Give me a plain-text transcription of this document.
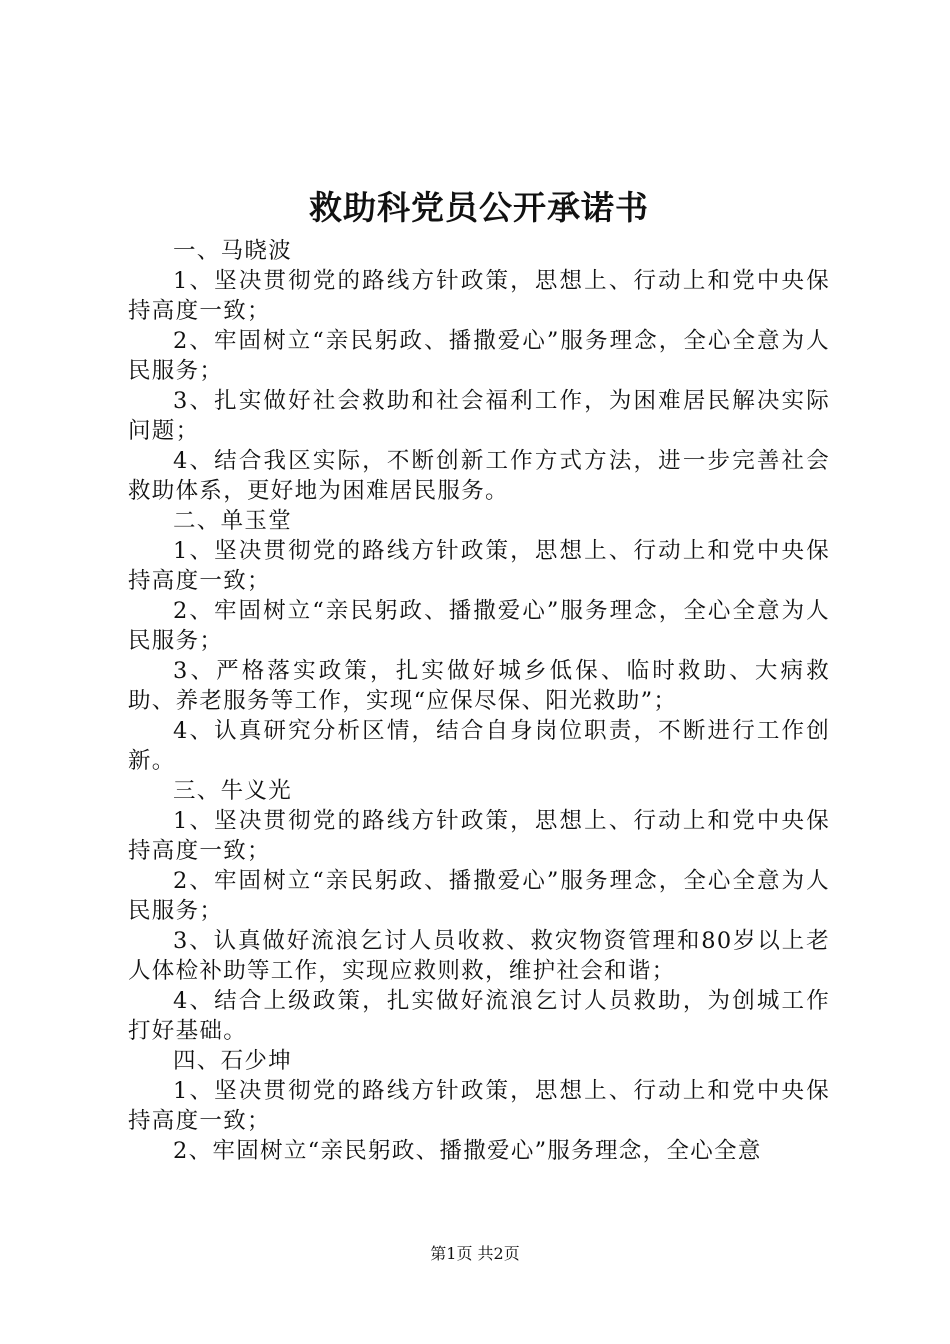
救助科党员公开承诺书

一、马晓波

1、坚决贯彻党的路线方针政策，思想上、行动上和党中央保持高度一致；

2、牢固树立“亲民躬政、播撒爱心”服务理念，全心全意为人民服务；

3、扎实做好社会救助和社会福利工作，为困难居民解决实际问题；

4、结合我区实际，不断创新工作方式方法，进一步完善社会救助体系，更好地为困难居民服务。

二、单玉堂

1、坚决贯彻党的路线方针政策，思想上、行动上和党中央保持高度一致；

2、牢固树立“亲民躬政、播撒爱心”服务理念，全心全意为人民服务；

3、严格落实政策，扎实做好城乡低保、临时救助、大病救助、养老服务等工作，实现“应保尽保、阳光救助”；

4、认真研究分析区情，结合自身岗位职责，不断进行工作创新。

三、牛义光

1、坚决贯彻党的路线方针政策，思想上、行动上和党中央保持高度一致；

2、牢固树立“亲民躬政、播撒爱心”服务理念，全心全意为人民服务；

3、认真做好流浪乞讨人员收救、救灾物资管理和80岁以上老人体检补助等工作，实现应救则救，维护社会和谐；

4、结合上级政策，扎实做好流浪乞讨人员救助，为创城工作打好基础。

四、石少坤

1、坚决贯彻党的路线方针政策，思想上、行动上和党中央保持高度一致；

2、牢固树立“亲民躬政、播撒爱心”服务理念，全心全意

第1页 共2页
